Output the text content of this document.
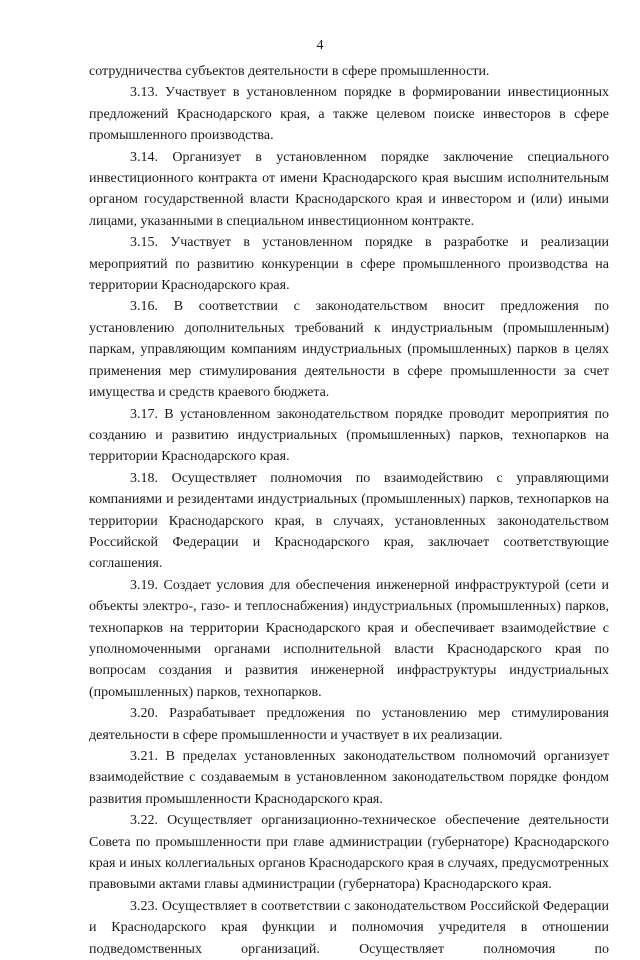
4

сотрудничества субъектов деятельности в сфере промышленности.

3.13. Участвует в установленном порядке в формировании инвестиционных предложений Краснодарского края, а также целевом поиске инвесторов в сфере промышленного производства.

3.14. Организует в установленном порядке заключение специального инвестиционного контракта от имени Краснодарского края высшим исполнительным органом государственной власти Краснодарского края и инвестором и (или) иными лицами, указанными в специальном инвестиционном контракте.

3.15. Участвует в установленном порядке в разработке и реализации мероприятий по развитию конкуренции в сфере промышленного производства на территории Краснодарского края.

3.16. В соответствии с законодательством вносит предложения по установлению дополнительных требований к индустриальным (промышленным) паркам, управляющим компаниям индустриальных (промышленных) парков в целях применения мер стимулирования деятельности в сфере промышленности за счет имущества и средств краевого бюджета.

3.17. В установленном законодательством порядке проводит мероприятия по созданию и развитию индустриальных (промышленных) парков, технопарков на территории Краснодарского края.

3.18. Осуществляет полномочия по взаимодействию с управляющими компаниями и резидентами индустриальных (промышленных) парков, технопарков на территории Краснодарского края, в случаях, установленных законодательством Российской Федерации и Краснодарского края, заключает соответствующие соглашения.

3.19. Создает условия для обеспечения инженерной инфраструктурой (сети и объекты электро-, газо- и теплоснабжения) индустриальных (промышленных) парков, технопарков на территории Краснодарского края и обеспечивает взаимодействие с уполномоченными органами исполнительной власти Краснодарского края по вопросам создания и развития инженерной инфраструктуры индустриальных (промышленных) парков, технопарков.

3.20. Разрабатывает предложения по установлению мер стимулирования деятельности в сфере промышленности и участвует в их реализации.

3.21. В пределах установленных законодательством полномочий организует взаимодействие с создаваемым в установленном законодательством порядке фондом развития промышленности Краснодарского края.

3.22. Осуществляет организационно-техническое обеспечение деятельности Совета по промышленности при главе администрации (губернаторе) Краснодарского края и иных коллегиальных органов Краснодарского края в случаях, предусмотренных правовыми актами главы администрации (губернатора) Краснодарского края.

3.23. Осуществляет в соответствии с законодательством Российской Федерации и Краснодарского края функции и полномочия учредителя в отношении подведомственных организаций. Осуществляет полномочия по
